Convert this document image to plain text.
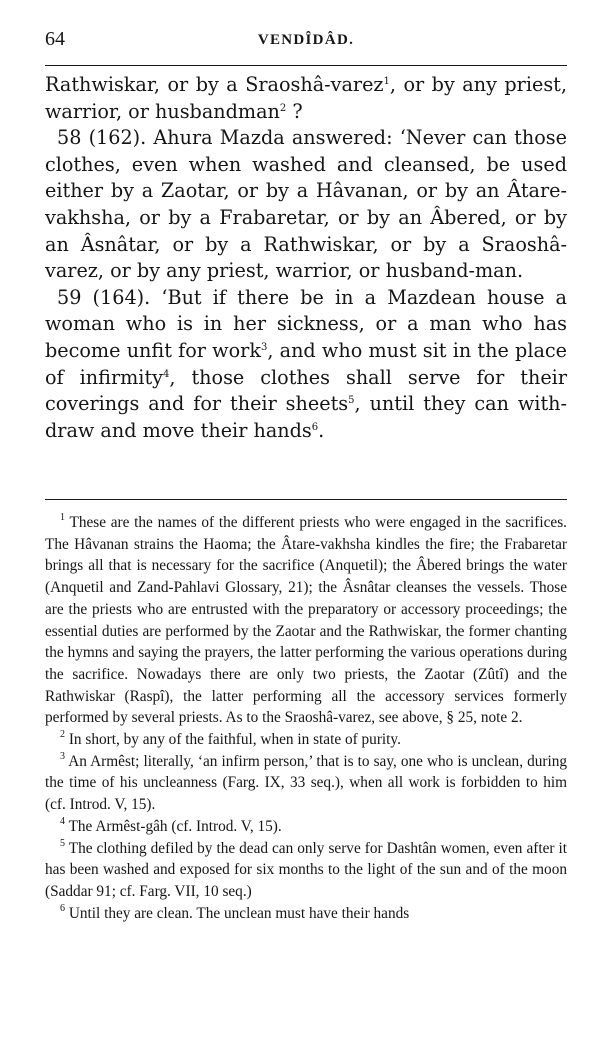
64	VENDÎDÂD.

Rathwiskar, or by a Sraoshâ-varez$^1$, or by any priest, warrior, or husbandman$^2$ ?

58 (162). Ahura Mazda answered: ‘Never can those clothes, even when washed and cleansed, be used either by a Zaotar, or by a Hâvanan, or by an Âtare-vakhsha, or by a Frabaretar, or by an Âbered, or by an Âsnâtar, or by a Rathwiskar, or by a Sraoshâ-varez, or by any priest, warrior, or husband-man.

59 (164). ‘But if there be in a Mazdean house a woman who is in her sickness, or a man who has become unfit for work$^3$, and who must sit in the place of infirmity$^4$, those clothes shall serve for their coverings and for their sheets$^5$, until they can with-draw and move their hands$^6$.

$^1$ These are the names of the different priests who were engaged in the sacrifices. The Hâvanan strains the Haoma; the Âtare-vakhsha kindles the fire; the Frabaretar brings all that is necessary for the sacrifice (Anquetil); the Âbered brings the water (Anquetil and Zand-Pahlavi Glossary, 21); the Âsnâtar cleanses the vessels. Those are the priests who are entrusted with the preparatory or accessory proceedings; the essential duties are performed by the Zaotar and the Rathwiskar, the former chanting the hymns and saying the prayers, the latter performing the various operations during the sacrifice. Nowadays there are only two priests, the Zaotar (Zûtî) and the Rathwiskar (Raspî), the latter performing all the accessory services formerly performed by several priests. As to the Sraoshâ-varez, see above, § 25, note 2.

$^2$ In short, by any of the faithful, when in state of purity.

$^3$ An Armêst; literally, ‘an infirm person,’ that is to say, one who is unclean, during the time of his uncleanness (Farg. IX, 33 seq.), when all work is forbidden to him (cf. Introd. V, 15).

$^4$ The Armêst-gâh (cf. Introd. V, 15).

$^5$ The clothing defiled by the dead can only serve for Dashtân women, even after it has been washed and exposed for six months to the light of the sun and of the moon (Saddar 91; cf. Farg. VII, 10 seq.)

$^6$ Until they are clean. The unclean must have their hands
